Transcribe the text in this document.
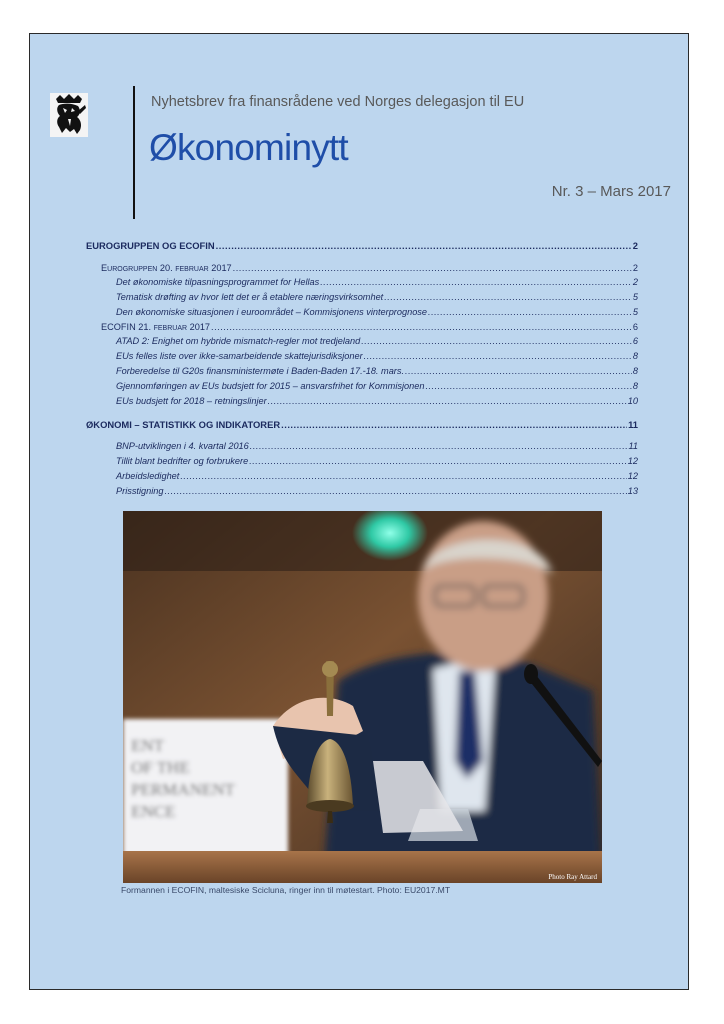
Nyhetsbrev fra finansrådene ved Norges delegasjon til EU
Økonominytt
Nr. 3 – Mars 2017
EUROGRUPPEN OG ECOFIN .....	2
EUROGRUPPEN 20. FEBRUAR 2017 .....	2
Det økonomiske tilpasningsprogrammet for Hellas .....	2
Tematisk drøfting av hvor lett det er å etablere næringsvirksomhet .....	5
Den økonomiske situasjonen i euroområdet – Kommisjonens vinterprognose .....	5
ECOFIN 21. FEBRUAR 2017 .....	6
ATAD 2: Enighet om hybride mismatch-regler mot tredjeland .....	6
EUs felles liste over ikke-samarbeidende skattejurisdiksjoner .....	8
Forberedelse til G20s finansministermøte i Baden-Baden 17.-18. mars. .....	8
Gjennomføringen av EUs budsjett for 2015 – ansvarsfrihet for Kommisjonen .....	8
EUs budsjett for 2018 – retningslinjer .....	10
ØKONOMI – STATISTIKK OG INDIKATORER .....	11
BNP-utviklingen i 4. kvartal 2016 .....	11
Tillit blant bedrifter og forbrukere .....	12
Arbeidsledighet .....	12
Prisstigning .....	13
ENT
OF THE
PERMANENT
ENCE
Photo Ray Attard
Formannen i ECOFIN, maltesiske Scicluna, ringer inn til møtestart. Photo: EU2017.MT
